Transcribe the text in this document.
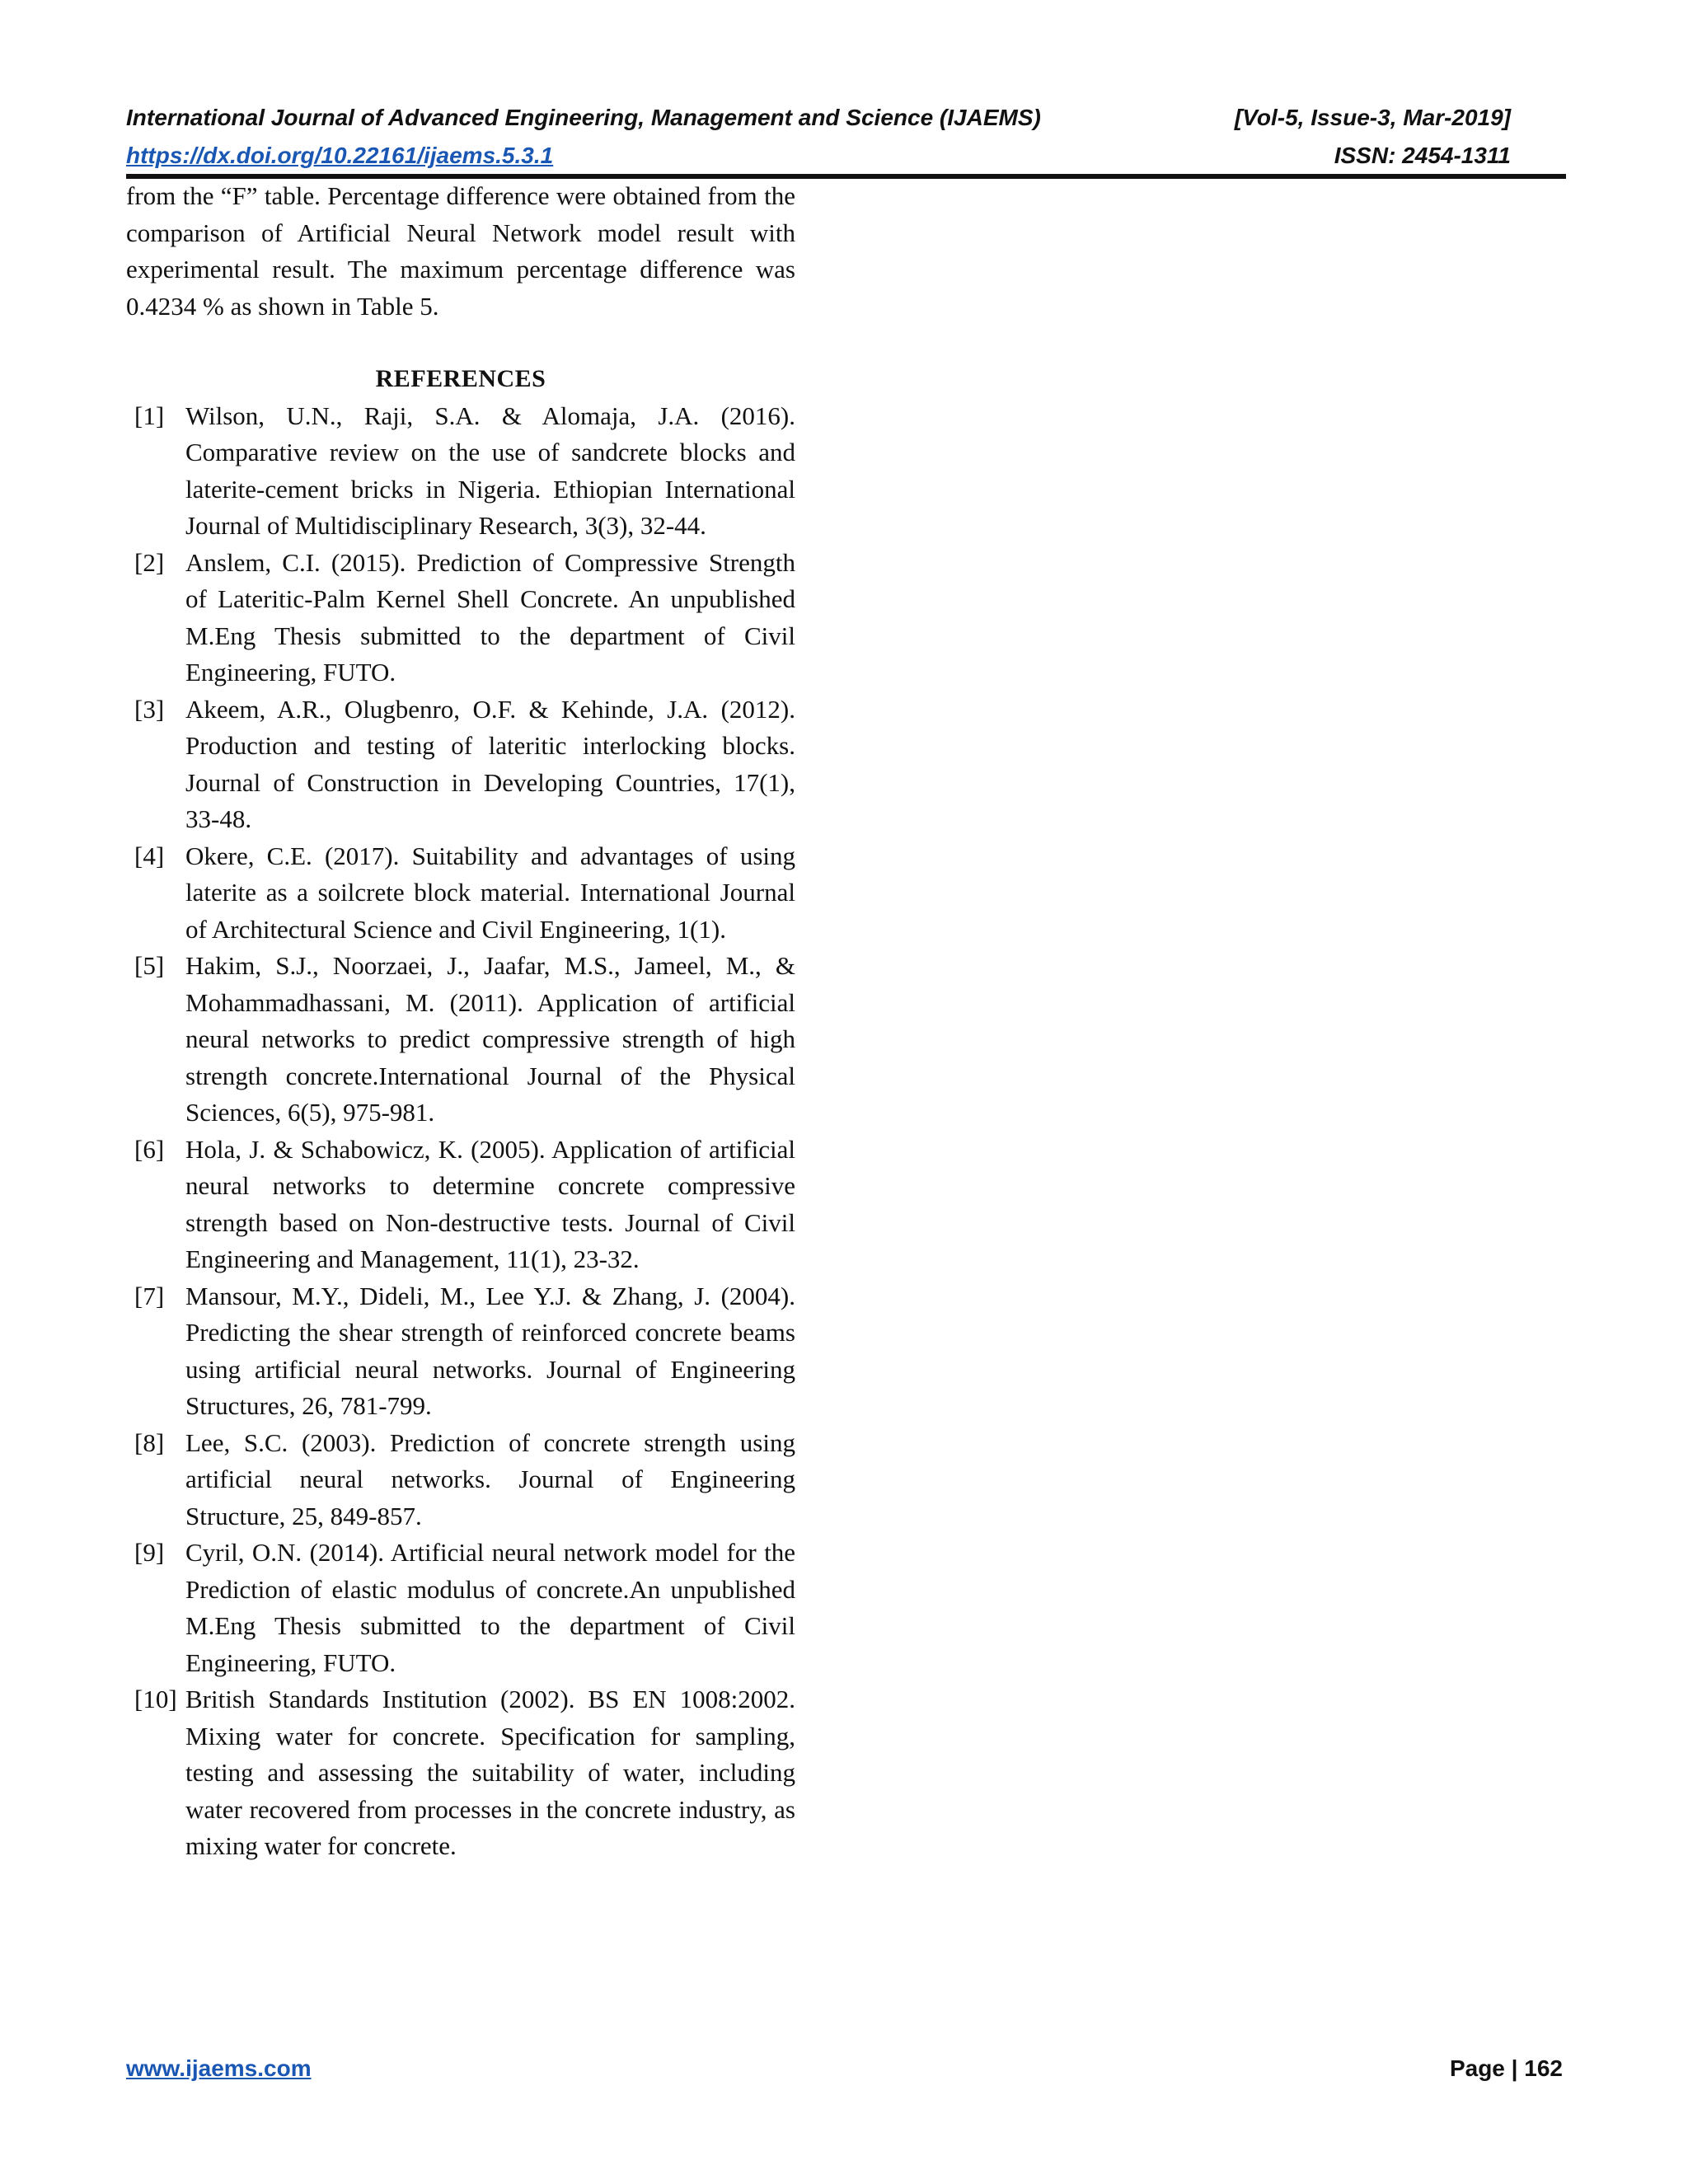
International Journal of Advanced Engineering, Management and Science (IJAEMS)	[Vol-5, Issue-3, Mar-2019]
https://dx.doi.org/10.22161/ijaems.5.3.1	ISSN: 2454-1311

from the “F” table. Percentage difference were obtained from the comparison of Artificial Neural Network model result with experimental result. The maximum percentage difference was 0.4234 % as shown in Table 5.

REFERENCES
[1] Wilson, U.N., Raji, S.A. & Alomaja, J.A. (2016). Comparative review on the use of sandcrete blocks and laterite-cement bricks in Nigeria. Ethiopian International Journal of Multidisciplinary Research, 3(3), 32-44.
[2] Anslem, C.I. (2015). Prediction of Compressive Strength of Lateritic-Palm Kernel Shell Concrete. An unpublished M.Eng Thesis submitted to the department of Civil Engineering, FUTO.
[3] Akeem, A.R., Olugbenro, O.F. & Kehinde, J.A. (2012). Production and testing of lateritic interlocking blocks. Journal of Construction in Developing Countries, 17(1), 33-48.
[4] Okere, C.E. (2017). Suitability and advantages of using laterite as a soilcrete block material. International Journal of Architectural Science and Civil Engineering, 1(1).
[5] Hakim, S.J., Noorzaei, J., Jaafar, M.S., Jameel, M., & Mohammadhassani, M. (2011). Application of artificial neural networks to predict compressive strength of high strength concrete.International Journal of the Physical Sciences, 6(5), 975-981.
[6] Hola, J. & Schabowicz, K. (2005). Application of artificial neural networks to determine concrete compressive strength based on Non-destructive tests. Journal of Civil Engineering and Management, 11(1), 23-32.
[7] Mansour, M.Y., Dideli, M., Lee Y.J. & Zhang, J. (2004). Predicting the shear strength of reinforced concrete beams using artificial neural networks. Journal of Engineering Structures, 26, 781-799.
[8] Lee, S.C. (2003). Prediction of concrete strength using artificial neural networks. Journal of Engineering Structure, 25, 849-857.
[9] Cyril, O.N. (2014). Artificial neural network model for the Prediction of elastic modulus of concrete.An unpublished M.Eng Thesis submitted to the department of Civil Engineering, FUTO.
[10] British Standards Institution (2002). BS EN 1008:2002. Mixing water for concrete. Specification for sampling, testing and assessing the suitability of water, including water recovered from processes in the concrete industry, as mixing water for concrete.
www.ijaems.com	Page | 162
